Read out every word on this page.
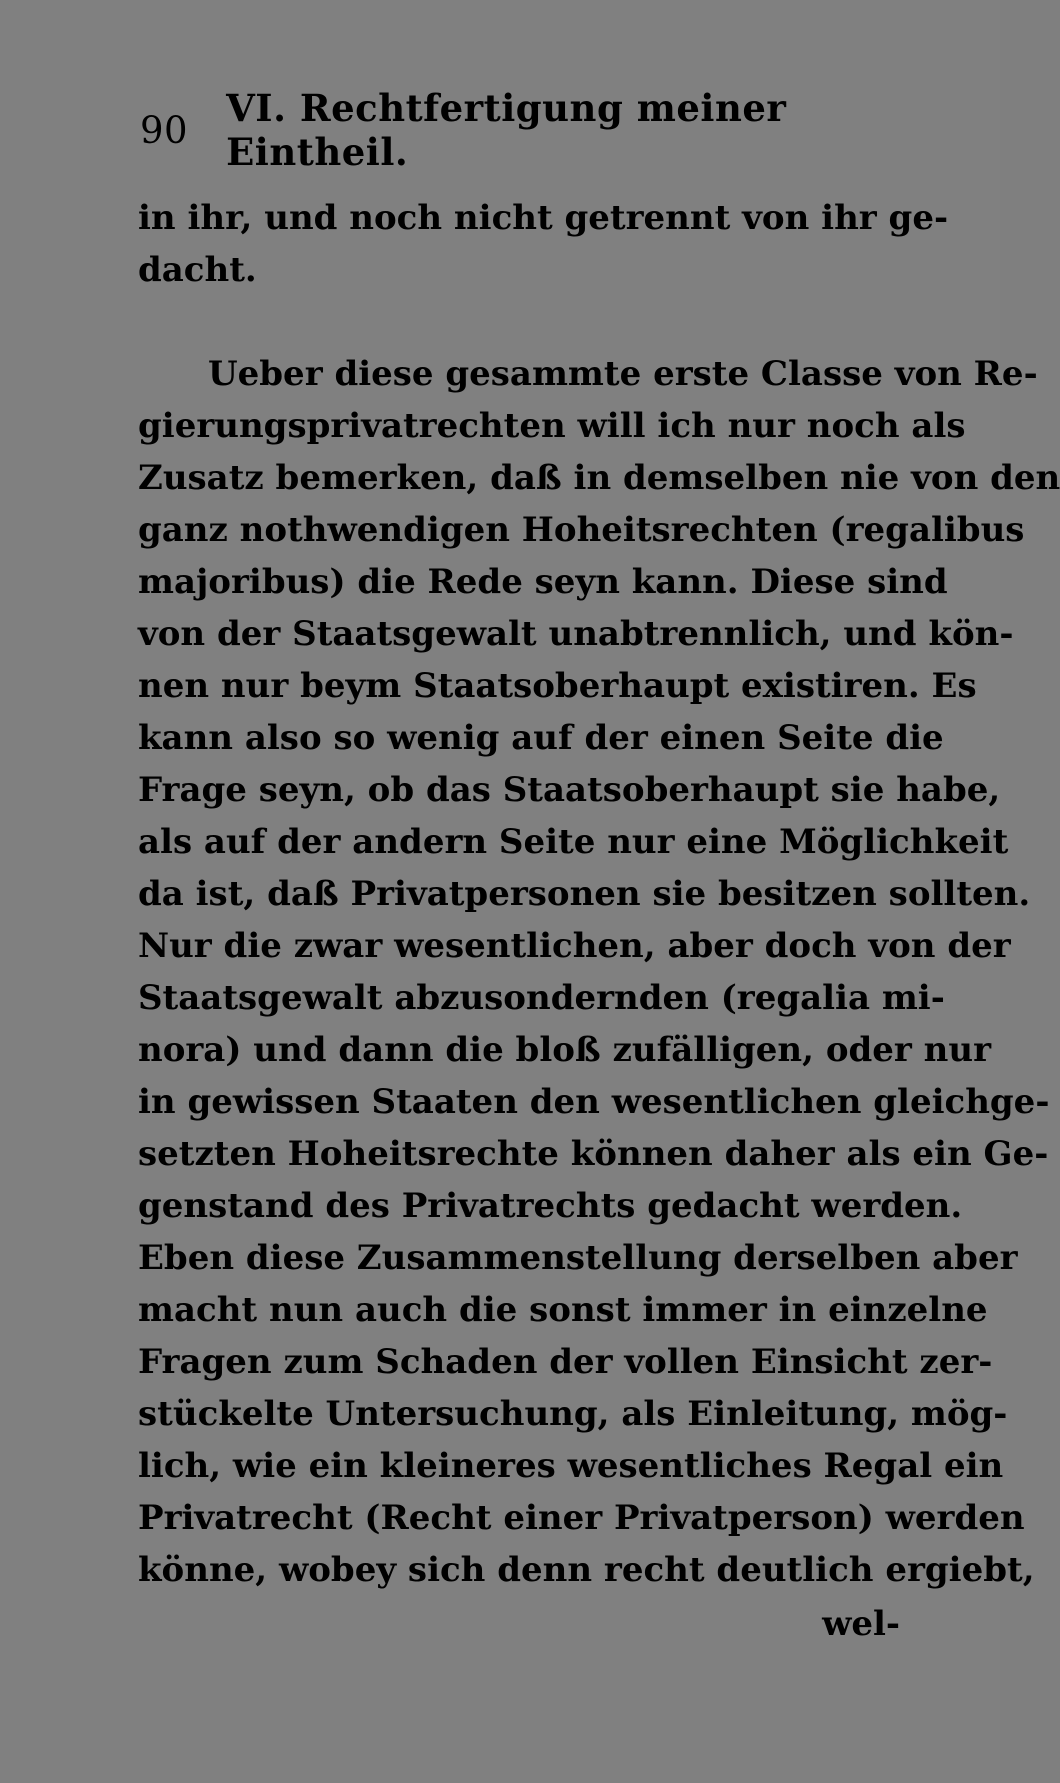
90 VI. Rechtfertigung meiner Eintheil.
in ihr, und noch nicht getrennt von ihr ge-
dacht.
Ueber diese gesammte erste Classe von Re-
gierungsprivatrechten will ich nur noch als
Zusatz bemerken, daß in demselben nie von den
ganz nothwendigen Hoheitsrechten (regalibus
majoribus) die Rede seyn kann. Diese sind
von der Staatsgewalt unabtrennlich, und kön-
nen nur beym Staatsoberhaupt existiren. Es
kann also so wenig auf der einen Seite die
Frage seyn, ob das Staatsoberhaupt sie habe,
als auf der andern Seite nur eine Möglichkeit
da ist, daß Privatpersonen sie besitzen sollten.
Nur die zwar wesentlichen, aber doch von der
Staatsgewalt abzusondernden (regalia mi-
nora) und dann die bloß zufälligen, oder nur
in gewissen Staaten den wesentlichen gleichge-
setzten Hoheitsrechte können daher als ein Ge-
genstand des Privatrechts gedacht werden.
Eben diese Zusammenstellung derselben aber
macht nun auch die sonst immer in einzelne
Fragen zum Schaden der vollen Einsicht zer-
stückelte Untersuchung, als Einleitung, mög-
lich, wie ein kleineres wesentliches Regal ein
Privatrecht (Recht einer Privatperson) werden
könne, wobey sich denn recht deutlich ergiebt,
wel-
